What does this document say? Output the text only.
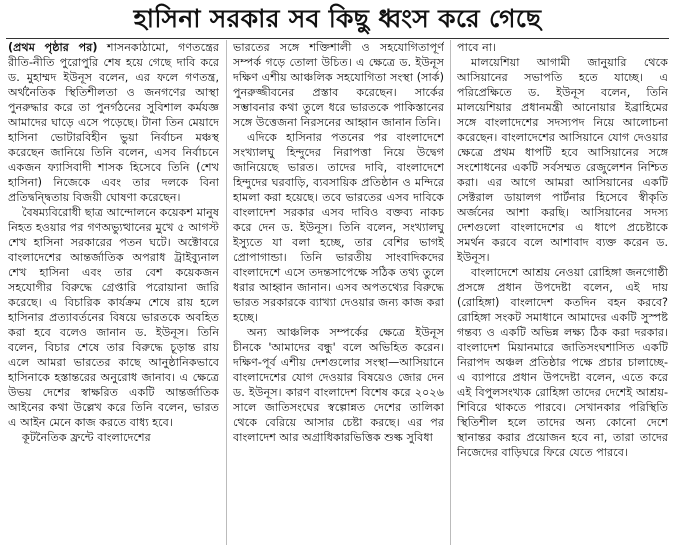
হাসিনা সরকার সব কিছু ধ্বংস করে গেছে

(প্রথম পৃষ্ঠার পর) শাসনকাঠামো, গণতন্ত্রের রীতি-নীতি পুরোপুরি শেষ হয়ে গেছে দাবি করে ড. মুহাম্মদ ইউনূস বলেন, এর ফলে গণতন্ত্র, অর্থনৈতিক স্থিতিশীলতা ও জনগণের আস্থা পুনরুদ্ধার করে তা পুনর্গঠনের সুবিশাল কর্মযজ্ঞ আমাদের ঘাড়ে এসে পড়েছে। টানা তিন মেয়াদে হাসিনা ভোটারবিহীন ভুয়া নির্বাচন মঞ্চস্থ করেছেন জানিয়ে তিনি বলেন, এসব নির্বাচনে একজন ফ্যাসিবাদী শাসক হিসেবে তিনি (শেখ হাসিনা) নিজেকে এবং তার দলকে বিনা প্রতিদ্বন্দ্বিতায় বিজয়ী ঘোষণা করেছেন।

বৈষম্যবিরোধী ছাত্র আন্দোলনে কয়েকশ মানুষ নিহত হওয়ার পর গণঅভ্যুত্থানের মুখে ৫ আগস্ট শেখ হাসিনা সরকারের পতন ঘটে। অক্টোবরে বাংলাদেশের আন্তর্জাতিক অপরাধ ট্রাইব্যুনাল শেখ হাসিনা এবং তার বেশ কয়েকজন সহযোগীর বিরুদ্ধে গ্রেপ্তারি পরোয়ানা জারি করেছে। এ বিচারিক কার্যক্রম শেষে রায় হলে হাসিনার প্রত্যাবর্তনের বিষয়ে ভারতকে অবহিত করা হবে বলেও জানান ড. ইউনূস। তিনি বলেন, বিচার শেষে তার বিরুদ্ধে চূড়ান্ত রায় এলে আমরা ভারতের কাছে আনুষ্ঠানিকভাবে হাসিনাকে হস্তান্তরের অনুরোধ জানাব। এ ক্ষেত্রে উভয় দেশের স্বাক্ষরিত একটি আন্তর্জাতিক আইনের কথা উল্লেখ করে তিনি বলেন, ভারত এ আইন মেনে কাজ করতে বাধ্য হবে।

কূটনৈতিক ফ্রন্টে বাংলাদেশের

ভারতের সঙ্গে শক্তিশালী ও সহযোগিতাপূর্ণ সম্পর্ক গড়ে তোলা উচিত। এ ক্ষেত্রে ড. ইউনূস দক্ষিণ এশীয় আঞ্চলিক সহযোগিতা সংস্থা (সার্ক) পুনরুজ্জীবনের প্রস্তাব করেছেন। সার্কের সম্ভাবনার কথা তুলে ধরে ভারতকে পাকিস্তানের সঙ্গে উত্তেজনা নিরসনের আহ্বান জানান তিনি।

এদিকে হাসিনার পতনের পর বাংলাদেশে সংখ্যালঘু হিন্দুদের নিরাপত্তা নিয়ে উদ্বেগ জানিয়েছে ভারত। তাদের দাবি, বাংলাদেশে হিন্দুদের ঘরবাড়ি, ব্যবসায়িক প্রতিষ্ঠান ও মন্দিরে হামলা করা হয়েছে। তবে ভারতের এসব দাবিকে বাংলাদেশ সরকার এসব দাবিও বক্তব্য নাকচ করে দেন ড. ইউনূস। তিনি বলেন, সংখ্যালঘু ইস্যুতে যা বলা হচ্ছে, তার বেশির ভাগই প্রোপাগান্ডা। তিনি ভারতীয় সাংবাদিকদের বাংলাদেশে এসে তদন্তসাপেক্ষে সঠিক তথ্য তুলে ধরার আহ্বান জানান। এসব অপতথ্যের বিরুদ্ধে ভারত সরকারকে ব্যাখ্যা দেওয়ার জন্য কাজ করা হচ্ছে।

অন্য আঞ্চলিক সম্পর্কের ক্ষেত্রে ইউনূস চীনকে 'আমাদের বন্ধু' বলে অভিহিত করেন। দক্ষিণ-পূর্ব এশীয় দেশগুলোর সংস্থা—আসিয়ানে বাংলাদেশের যোগ দেওয়ার বিষয়েও জোর দেন ড. ইউনূস। কারণ বাংলাদেশ বিশেষ করে ২০২৬ সালে জাতিসংঘের স্বল্পোন্নত দেশের তালিকা থেকে বেরিয়ে আসার চেষ্টা করছে। এর পর বাংলাদেশ আর অগ্রাধিকারভিত্তিক শুল্ক সুবিধা

পাবে না।

মালয়েশিয়া আগামী জানুয়ারি থেকে আসিয়ানের সভাপতি হতে যাচ্ছে। এ পরিপ্রেক্ষিতে ড. ইউনূস বলেন, তিনি মালয়েশিয়ার প্রধানমন্ত্রী আনোয়ার ইব্রাহিমের সঙ্গে বাংলাদেশের সদস্যপদ নিয়ে আলোচনা করেছেন। বাংলাদেশের আসিয়ানে যোগ দেওয়ার ক্ষেত্রে প্রথম ধাপটি হবে আসিয়ানের সঙ্গে সংশোধনের একটি সর্বসম্মত রেজুলেশন নিশ্চিত করা। এর আগে আমরা আসিয়ানের একটি সেক্টরাল ডায়ালগ পার্টনার হিসেবে স্বীকৃতি অর্জনের আশা করছি। আসিয়ানের সদস্য দেশগুলো বাংলাদেশের এ ধাপে প্রচেষ্টাকে সমর্থন করবে বলে আশাবাদ ব্যক্ত করেন ড. ইউনূস।

বাংলাদেশে আশ্রয় নেওয়া রোহিঙ্গা জনগোষ্ঠী প্রসঙ্গে প্রধান উপদেষ্টা বলেন, এই দায় (রোহিঙ্গা) বাংলাদেশ কতদিন বহন করবে? রোহিঙ্গা সংকট সমাধানে আমাদের একটি সুস্পষ্ট গন্তব্য ও একটি অভিন্ন লক্ষ্য ঠিক করা দরকার। বাংলাদেশ মিয়ানমারে জাতিসংঘশাসিত একটি নিরাপদ অঞ্চল প্রতিষ্ঠার পক্ষে প্রচার চালাচ্ছে- এ ব্যাপারে প্রধান উপদেষ্টা বলেন, এতে করে এই বিপুলসংখ্যক রোহিঙ্গা তাদের দেশেই আশ্রয়-শিবিরে থাকতে পারবে। সেখানকার পরিস্থিতি স্থিতিশীল হলে তাদের অন্য কোনো দেশে স্থানান্তর করার প্রয়োজন হবে না, তারা তাদের নিজেদের বাড়িঘরে ফিরে যেতে পারবে।
